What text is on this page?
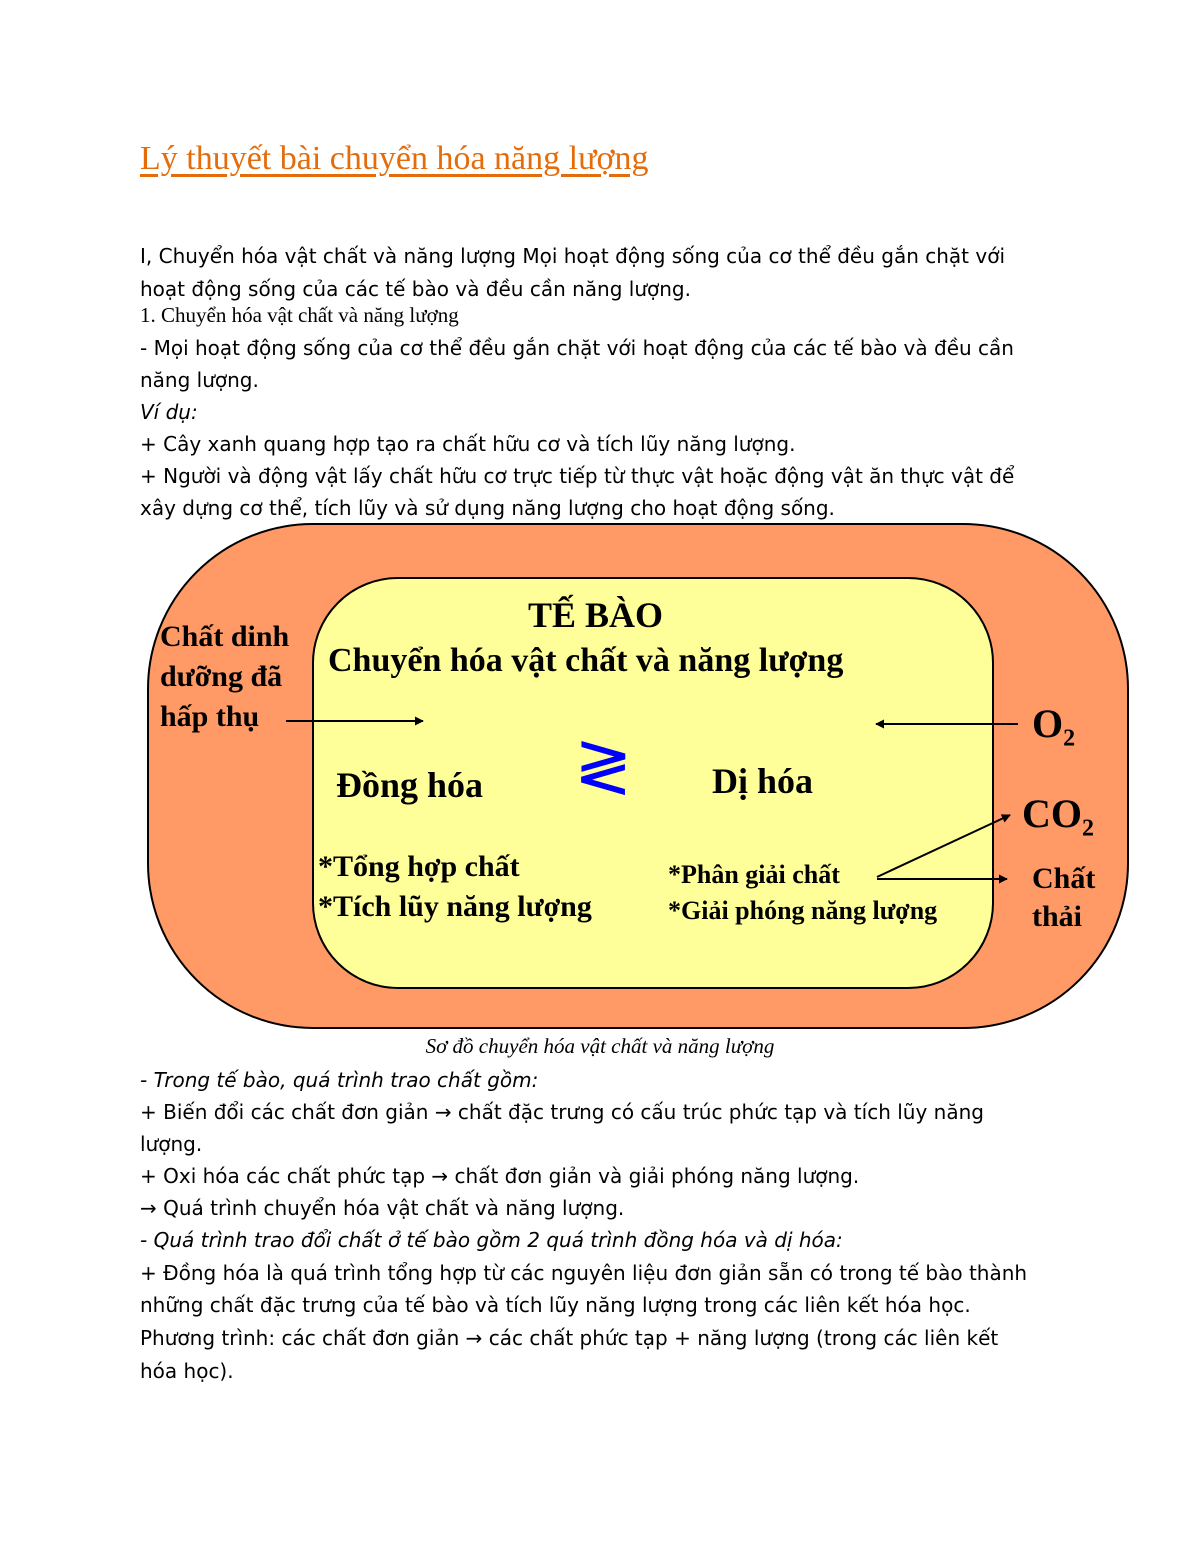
Lý thuyết bài chuyển hóa năng lượng
I, Chuyển hóa vật chất và năng lượng Mọi hoạt động sống của cơ thể đều gắn chặt với
hoạt động sống của các tế bào và đều cần năng lượng.
1. Chuyển hóa vật chất và năng lượng
- Mọi hoạt động sống của cơ thể đều gắn chặt với hoạt động của các tế bào và đều cần
năng lượng.
Ví dụ:
+ Cây xanh quang hợp tạo ra chất hữu cơ và tích lũy năng lượng.
+ Người và động vật lấy chất hữu cơ trực tiếp từ thực vật hoặc động vật ăn thực vật để
xây dựng cơ thể, tích lũy và sử dụng năng lượng cho hoạt động sống.
TẾ BÀO
Chuyển hóa vật chất và năng lượng
Chất dinh
dưỡng đã
hấp thụ	$O_2$
$CO_2$
Chất
thải
Đồng hóa	Dị hóa
≷
*Tổng hợp chất
*Tích lũy năng lượng
*Phân giải chất
*Giải phóng năng lượng
Sơ đồ chuyển hóa vật chất và năng lượng
- Trong tế bào, quá trình trao chất gồm:
+ Biến đổi các chất đơn giản → chất đặc trưng có cấu trúc phức tạp và tích lũy năng
lượng.
+ Oxi hóa các chất phức tạp → chất đơn giản và giải phóng năng lượng.
→ Quá trình chuyển hóa vật chất và năng lượng.
- Quá trình trao đổi chất ở tế bào gồm 2 quá trình đồng hóa và dị hóa:
+ Đồng hóa là quá trình tổng hợp từ các nguyên liệu đơn giản sẵn có trong tế bào thành
những chất đặc trưng của tế bào và tích lũy năng lượng trong các liên kết hóa học.
Phương trình: các chất đơn giản → các chất phức tạp + năng lượng (trong các liên kết
hóa học).
